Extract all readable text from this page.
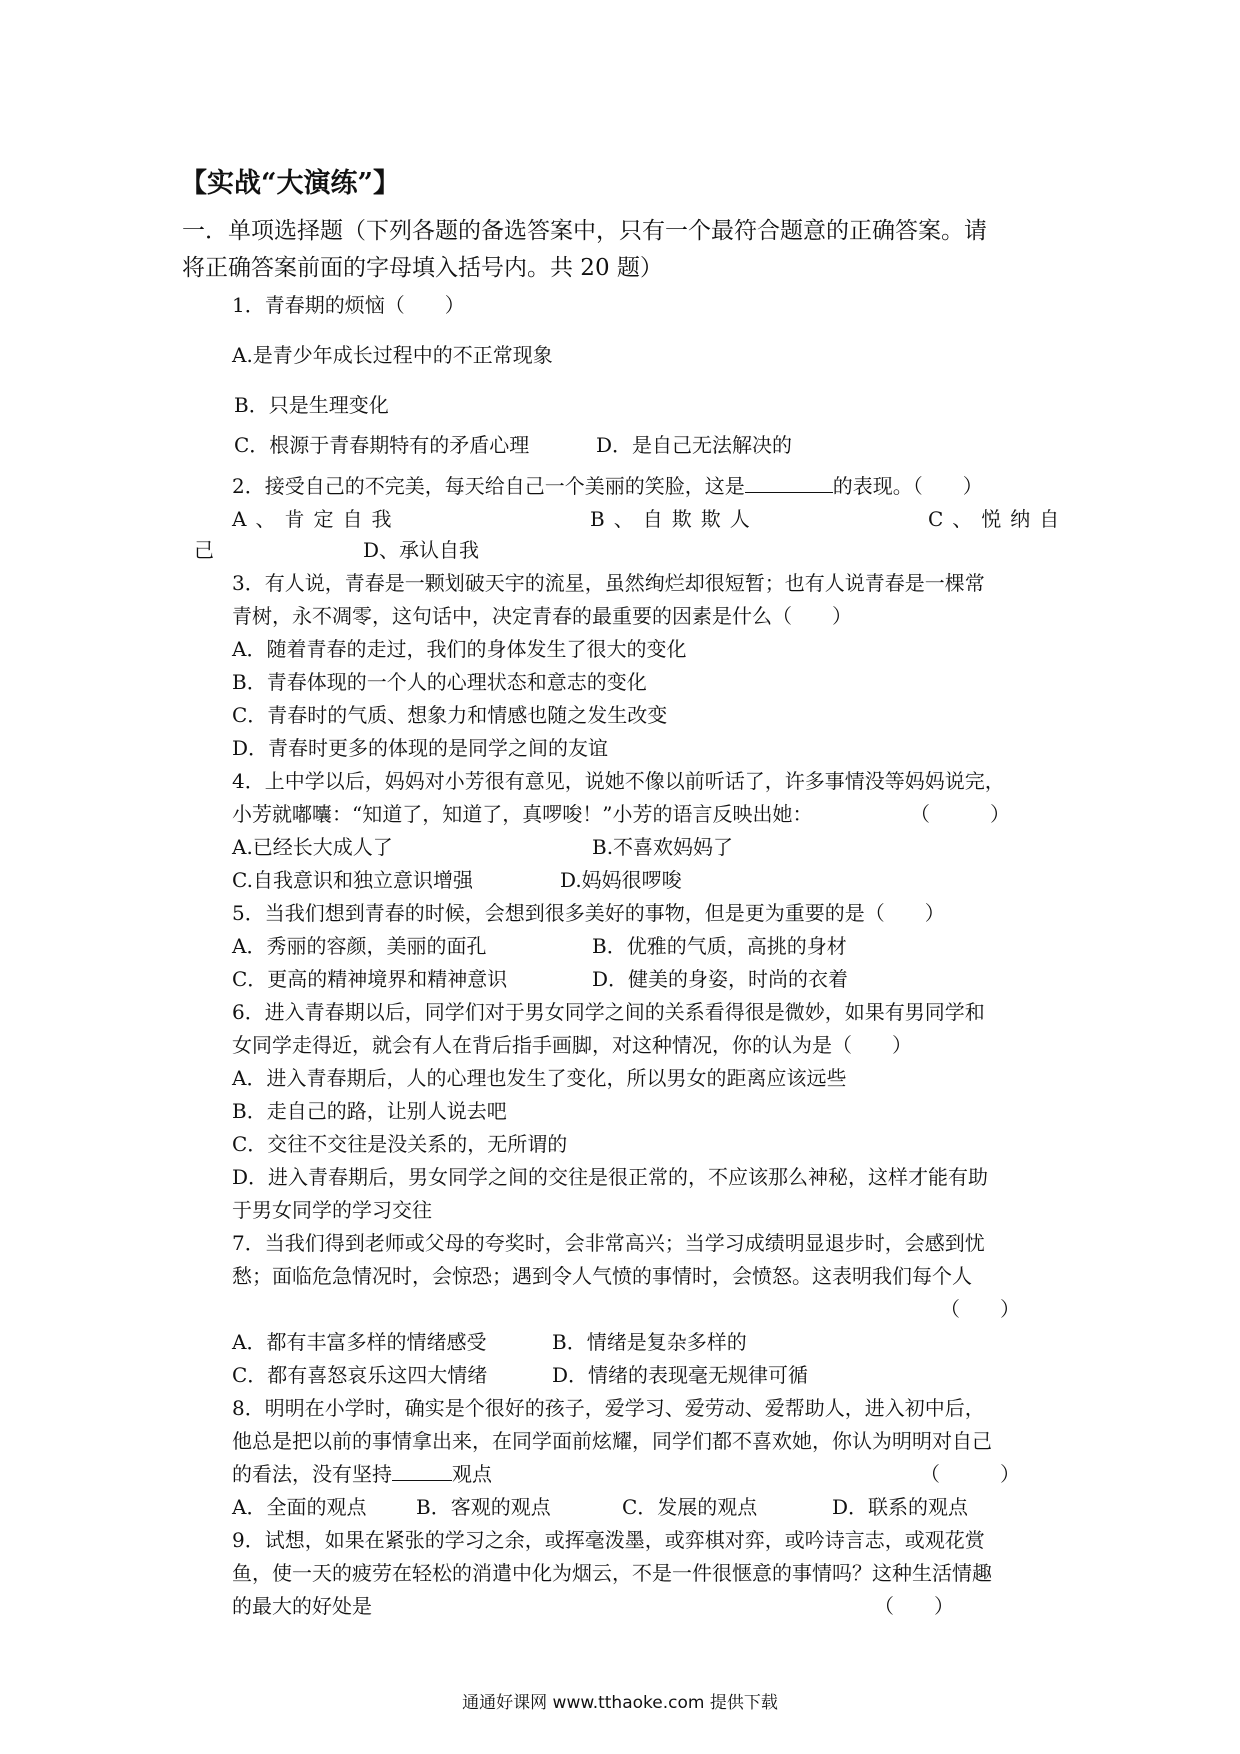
【实战“大演练”】
一．单项选择题（下列各题的备选答案中，只有一个最符合题意的正确答案。请
将正确答案前面的字母填入括号内。共 20 题）
1．青春期的烦恼（　　）
A.是青少年成长过程中的不正常现象
B．只是生理变化
C．根源于青春期特有的矛盾心理	D．是自己无法解决的
2．接受自己的不完美，每天给自己一个美丽的笑脸，这是	的表现。（　　）
A、肯定自我	B、自欺欺人	C、悦纳自
己	D、承认自我
3．有人说，青春是一颗划破天宇的流星，虽然绚烂却很短暂；也有人说青春是一棵常
青树，永不凋零，这句话中，决定青春的最重要的因素是什么（　　）
A．随着青春的走过，我们的身体发生了很大的变化
B．青春体现的一个人的心理状态和意志的变化
C．青春时的气质、想象力和情感也随之发生改变
D．青春时更多的体现的是同学之间的友谊
4．上中学以后，妈妈对小芳很有意见，说她不像以前听话了，许多事情没等妈妈说完，
小芳就嘟囔：“知道了，知道了，真啰唆！”小芳的语言反映出她：	（　　　）
A.已经长大成人了	B.不喜欢妈妈了
C.自我意识和独立意识增强	D.妈妈很啰唆
5．当我们想到青春的时候，会想到很多美好的事物，但是更为重要的是（　　）
A．秀丽的容颜，美丽的面孔	B．优雅的气质，高挑的身材
C．更高的精神境界和精神意识	D．健美的身姿，时尚的衣着
6．进入青春期以后，同学们对于男女同学之间的关系看得很是微妙，如果有男同学和
女同学走得近，就会有人在背后指手画脚，对这种情况，你的认为是（　　）
A．进入青春期后，人的心理也发生了变化，所以男女的距离应该远些
B．走自己的路，让别人说去吧
C．交往不交往是没关系的，无所谓的
D．进入青春期后，男女同学之间的交往是很正常的，不应该那么神秘，这样才能有助
于男女同学的学习交往
7．当我们得到老师或父母的夸奖时，会非常高兴；当学习成绩明显退步时，会感到忧
愁；面临危急情况时，会惊恐；遇到令人气愤的事情时，会愤怒。这表明我们每个人
（　　）
A．都有丰富多样的情绪感受	B．情绪是复杂多样的
C．都有喜怒哀乐这四大情绪	D．情绪的表现毫无规律可循
8．明明在小学时，确实是个很好的孩子，爱学习、爱劳动、爱帮助人，进入初中后，
他总是把以前的事情拿出来，在同学面前炫耀，同学们都不喜欢她，你认为明明对自己
的看法，没有坚持	观点	（　　　）
A．全面的观点 B．客观的观点	C．发展的观点	D．联系的观点
9．试想，如果在紧张的学习之余，或挥毫泼墨，或弈棋对弈，或吟诗言志，或观花赏
鱼，使一天的疲劳在轻松的消遣中化为烟云，不是一件很惬意的事情吗？这种生活情趣
的最大的好处是	（　　）
通通好课网 www.tthaoke.com 提供下载
